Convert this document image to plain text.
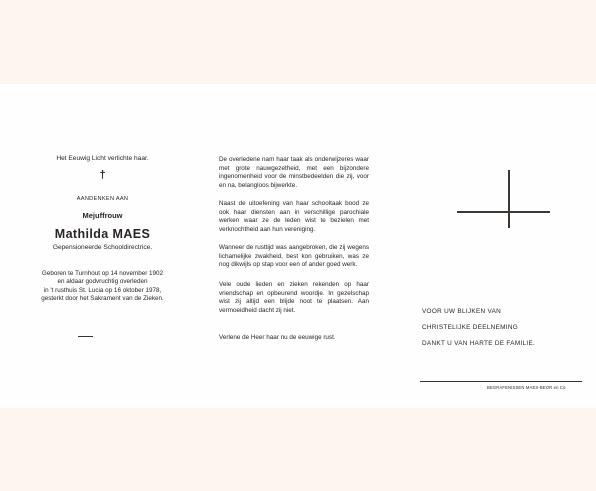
Het Eeuwig Licht verlichte haar.
†
AANDENKEN AAN
Mejuffrouw
Mathilda MAES
Gepensioneerde Schooldirectrice.
Geboren te Turnhout op 14 november 1902
en aldaar godvruchtig overleden
in 't rusthuis St. Lucia op 16 oktober 1978,
gesterkt door het Sakrament van de Zieken.
De overledene nam haar taak als onderwijzeres waar met grote nauwgezetheid, met een bijzondere ingenomenheid voor de minstbedeelden die zij, voor en na, belangloos bijwerkte.
Naast de uitoefening van haar schooltaak bood ze ook haar diensten aan in verschillige parochiale werken waar ze de leden wist te bezielen met verknochtheid aan hun vereniging.
Wanneer de rusttijd was aangebroken, die zij wegens lichamelijke zwakheid, best kon gebruiken, was ze nog dikwijls op stap voor een of ander goed werk.
Vele oude lieden en zieken rekenden op haar vriendschap en opbeurend woordje. In gezelschap wist zij altijd een blijde noot te plaatsen. Aan vermoeidheid dacht zij niet.
Verlene de Heer haar nu de eeuwige rust.
VOOR UW BLIJKEN VAN
CHRISTELIJKE DEELNEMING
DANKT U VAN HARTE DE FAMILIE.
BEGRAFENISSEN MAES-BEOR en Co
